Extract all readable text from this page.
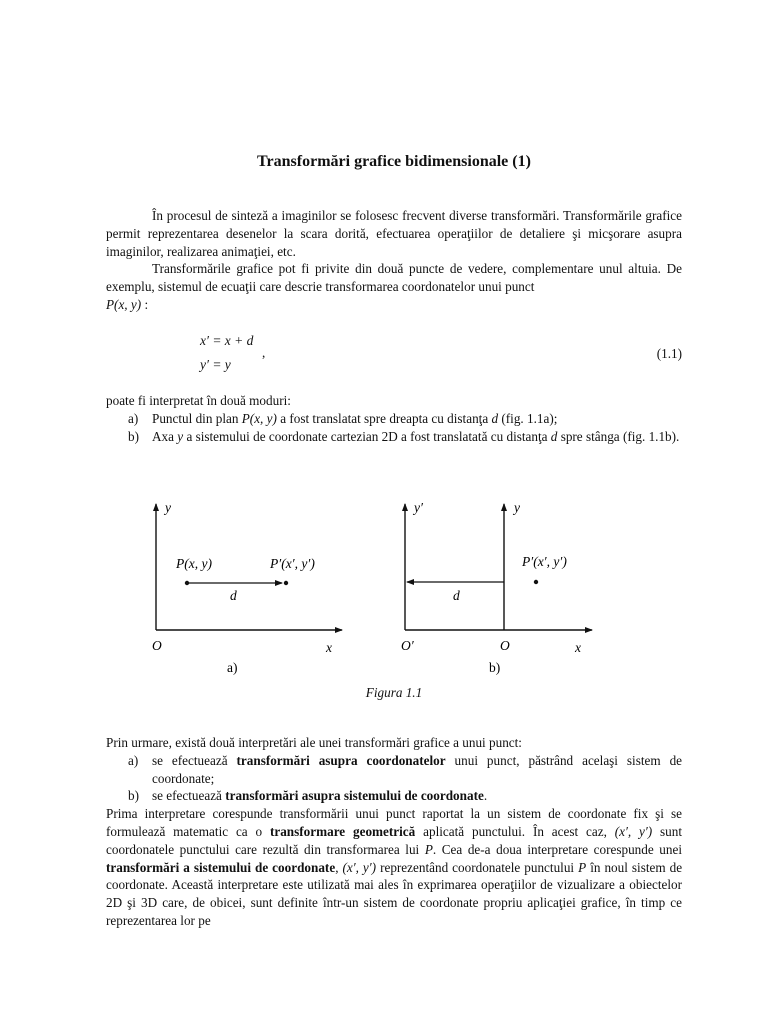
Transformări grafice bidimensionale (1)

În procesul de sinteză a imaginilor se folosesc frecvent diverse transformări. Transformările grafice permit reprezentarea desenelor la scara dorită, efectuarea operaţiilor de detaliere şi micşorare asupra imaginilor, realizarea animaţiei, etc.

Transformările grafice pot fi privite din două puncte de vedere, complementare unul altuia. De exemplu, sistemul de ecuaţii care descrie transformarea coordonatelor unui punct
P(x, y) :

x′ = x + d
y′ = y
,	(1.1)

poate fi interpretat în două moduri:

a) Punctul din plan P(x, y) a fost translatat spre dreapta cu distanţa d (fig. 1.1a);
b) Axa y a sistemului de coordonate cartezian 2D a fost translatată cu distanţa d spre stânga (fig. 1.1b).
y
x
O
P(x, y)	P′(x′, y′)
d
a)
y′	y
x
O′	O
P′(x′, y′)
d
b)
Figura 1.1

Prin urmare, există două interpretări ale unei transformări grafice a unui punct:

a) se efectuează transformări asupra coordonatelor unui punct, păstrând acelaşi sistem de coordonate;
b) se efectuează transformări asupra sistemului de coordonate.

Prima interpretare corespunde transformării unui punct raportat la un sistem de coordonate fix şi se formulează matematic ca o transformare geometrică aplicată punctului. În acest caz, (x′, y′) sunt coordonatele punctului care rezultă din transformarea lui P. Cea de-a doua interpretare corespunde unei transformări a sistemului de coordonate, (x′, y′) reprezentând coordonatele punctului P în noul sistem de coordonate. Această interpretare este utilizată mai ales în exprimarea operaţiilor de vizualizare a obiectelor 2D şi 3D care, de obicei, sunt definite într-un sistem de coordonate propriu aplicaţiei grafice, în timp ce reprezentarea lor pe
